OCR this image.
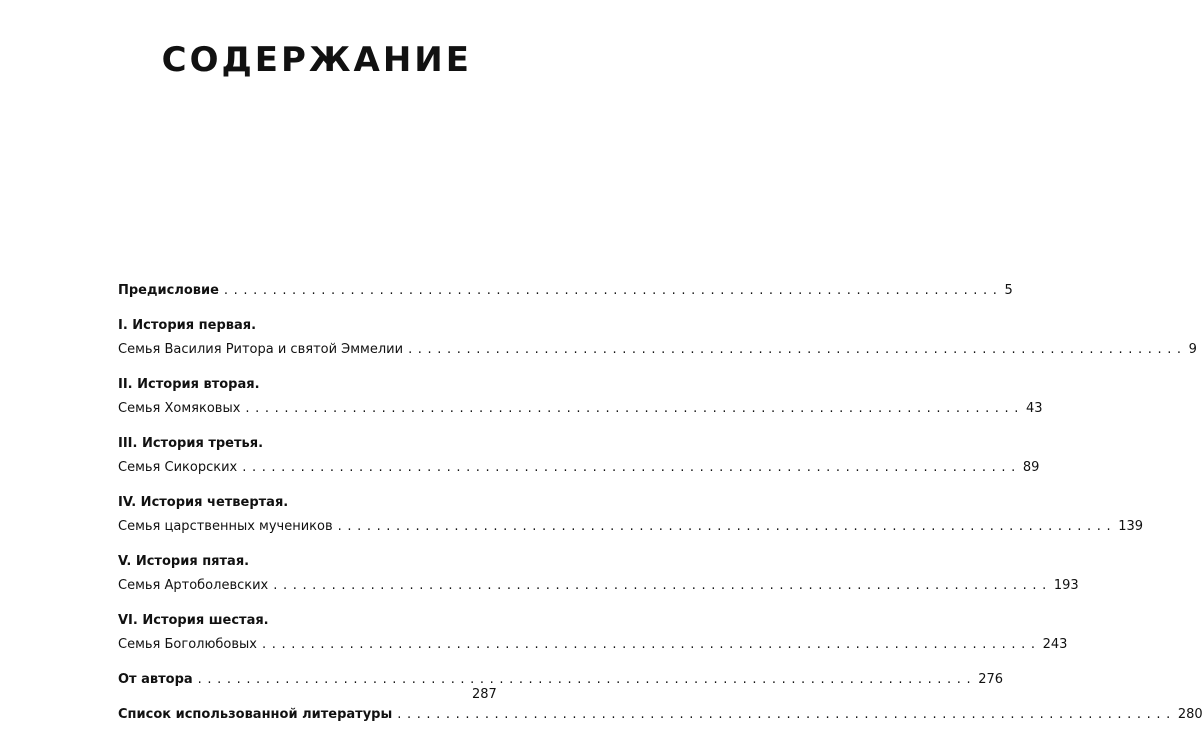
СОДЕРЖАНИЕ
Предисловие ................................................................................ 5
I. История первая.
Семья Василия Ритора и святой Эммелии ................................................................................ 9
II. История вторая.
Семья Хомяковых ................................................................................ 43
III. История третья.
Семья Сикорских ................................................................................ 89
IV. История четвертая.
Семья царственных мучеников ................................................................................ 139
V. История пятая.
Семья Артоболевских ................................................................................ 193
VI. История шестая.
Семья Боголюбовых ................................................................................ 243
От автора ................................................................................ 276
Список использованной литературы ................................................................................ 280

287
